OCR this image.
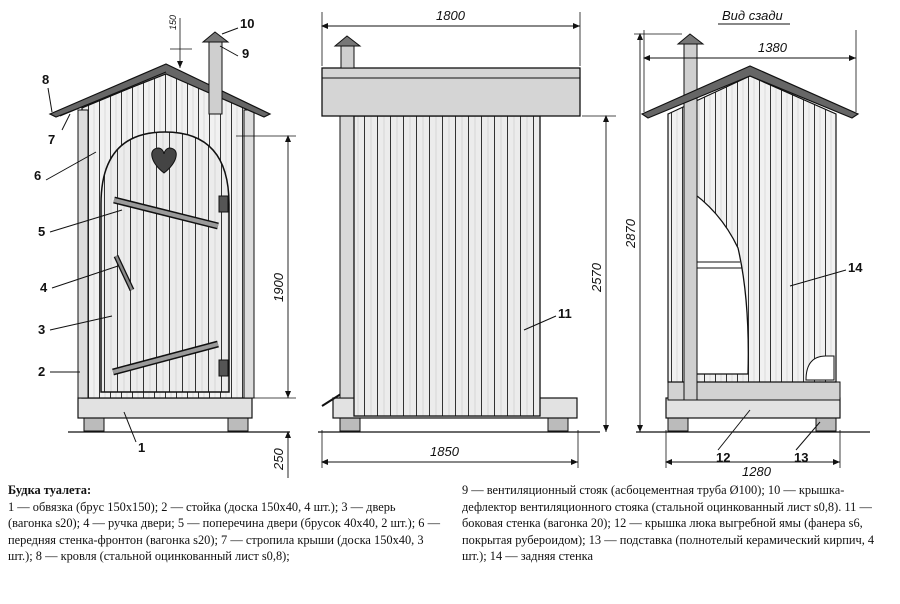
Вид сзади
1800
1380
1850
1280
150
1900
250
2570
2870
8
7
6
5
4
3
2
1
10
9
11
14
12	13

Будка туалета:
1 — обвязка (брус 150х150); 2 — стойка (доска 150х40, 4 шт.); 3 — дверь (вагонка s20); 4 — ручка двери; 5 — поперечина двери (брусок 40х40, 2 шт.); 6 — передняя стенка-фронтон (вагонка s20); 7 — стропила крыши (доска 150х40, 3 шт.); 8 — кровля (стальной оцинкованный лист s0,8);

9 — вентиляционный стояк (асбоцементная труба Ø100); 10 — крышка-дефлектор вентиляционного стояка (стальной оцинкованный лист s0,8). 11 — боковая стенка (вагонка 20); 12 — крышка люка выгребной ямы (фанера s6, покрытая рубероидом); 13 — подставка (полнотелый керамический кирпич, 4 шт.); 14 — задняя стенка
